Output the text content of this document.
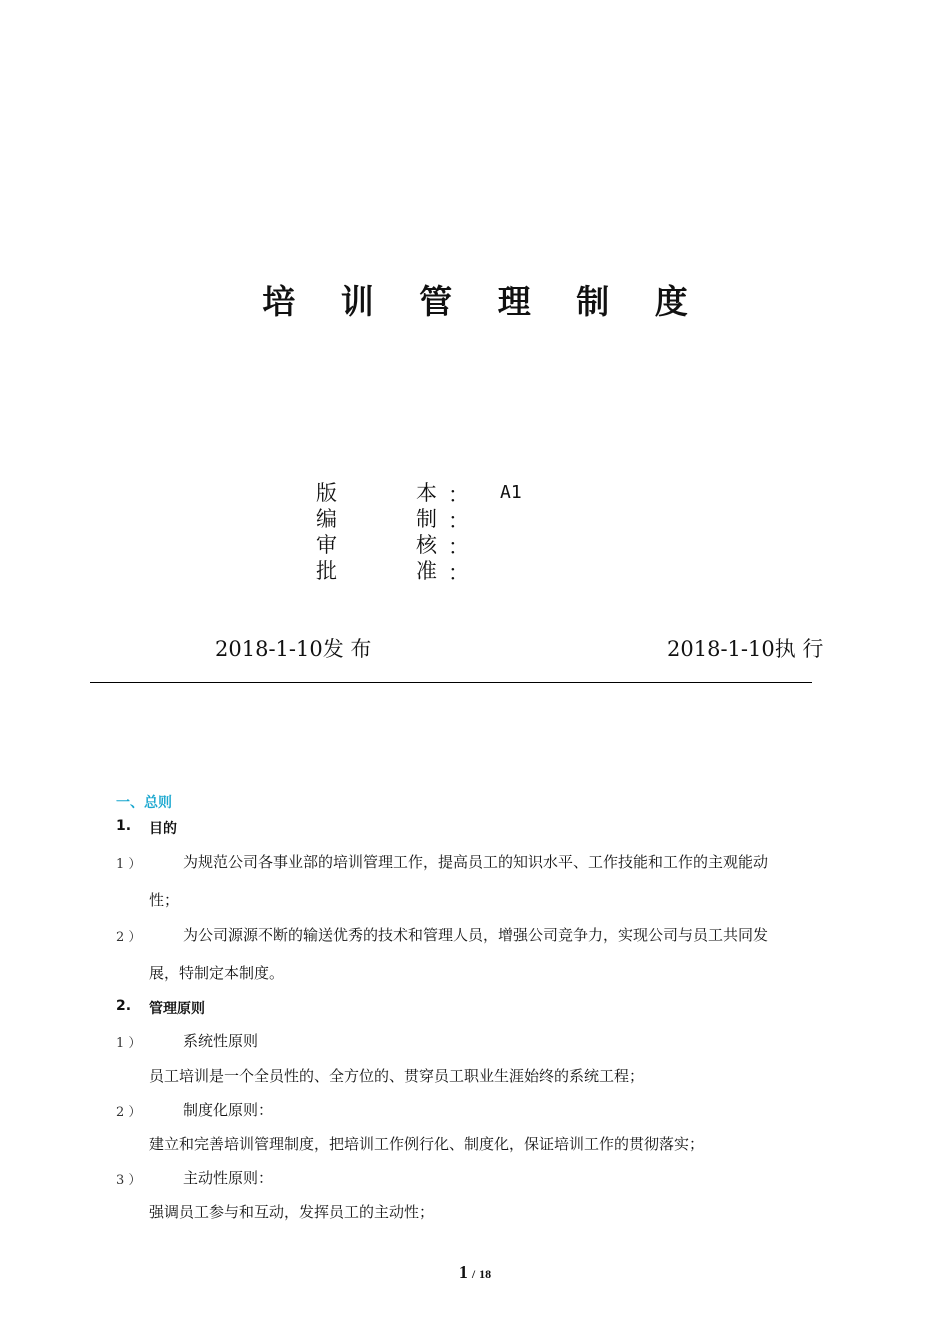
培 训 管 理 制 度
版	本 ： A1
编	制 ：
审	核 ：
批	准 ：
2018-1-10发 布	2018-1-10执 行
一、总则
1. 目的
1 ）	为规范公司各事业部的培训管理工作，提高员工的知识水平、工作技能和工作的主观能动
性；
2 ）	为公司源源不断的输送优秀的技术和管理人员，增强公司竞争力，实现公司与员工共同发
展，特制定本制度。
2. 管理原则
1 ）	系统性原则
员工培训是一个全员性的、全方位的、贯穿员工职业生涯始终的系统工程；
2 ）	制度化原则：
建立和完善培训管理制度，把培训工作例行化、制度化，保证培训工作的贯彻落实；
3 ）	主动性原则：
强调员工参与和互动，发挥员工的主动性；
1 / 18
